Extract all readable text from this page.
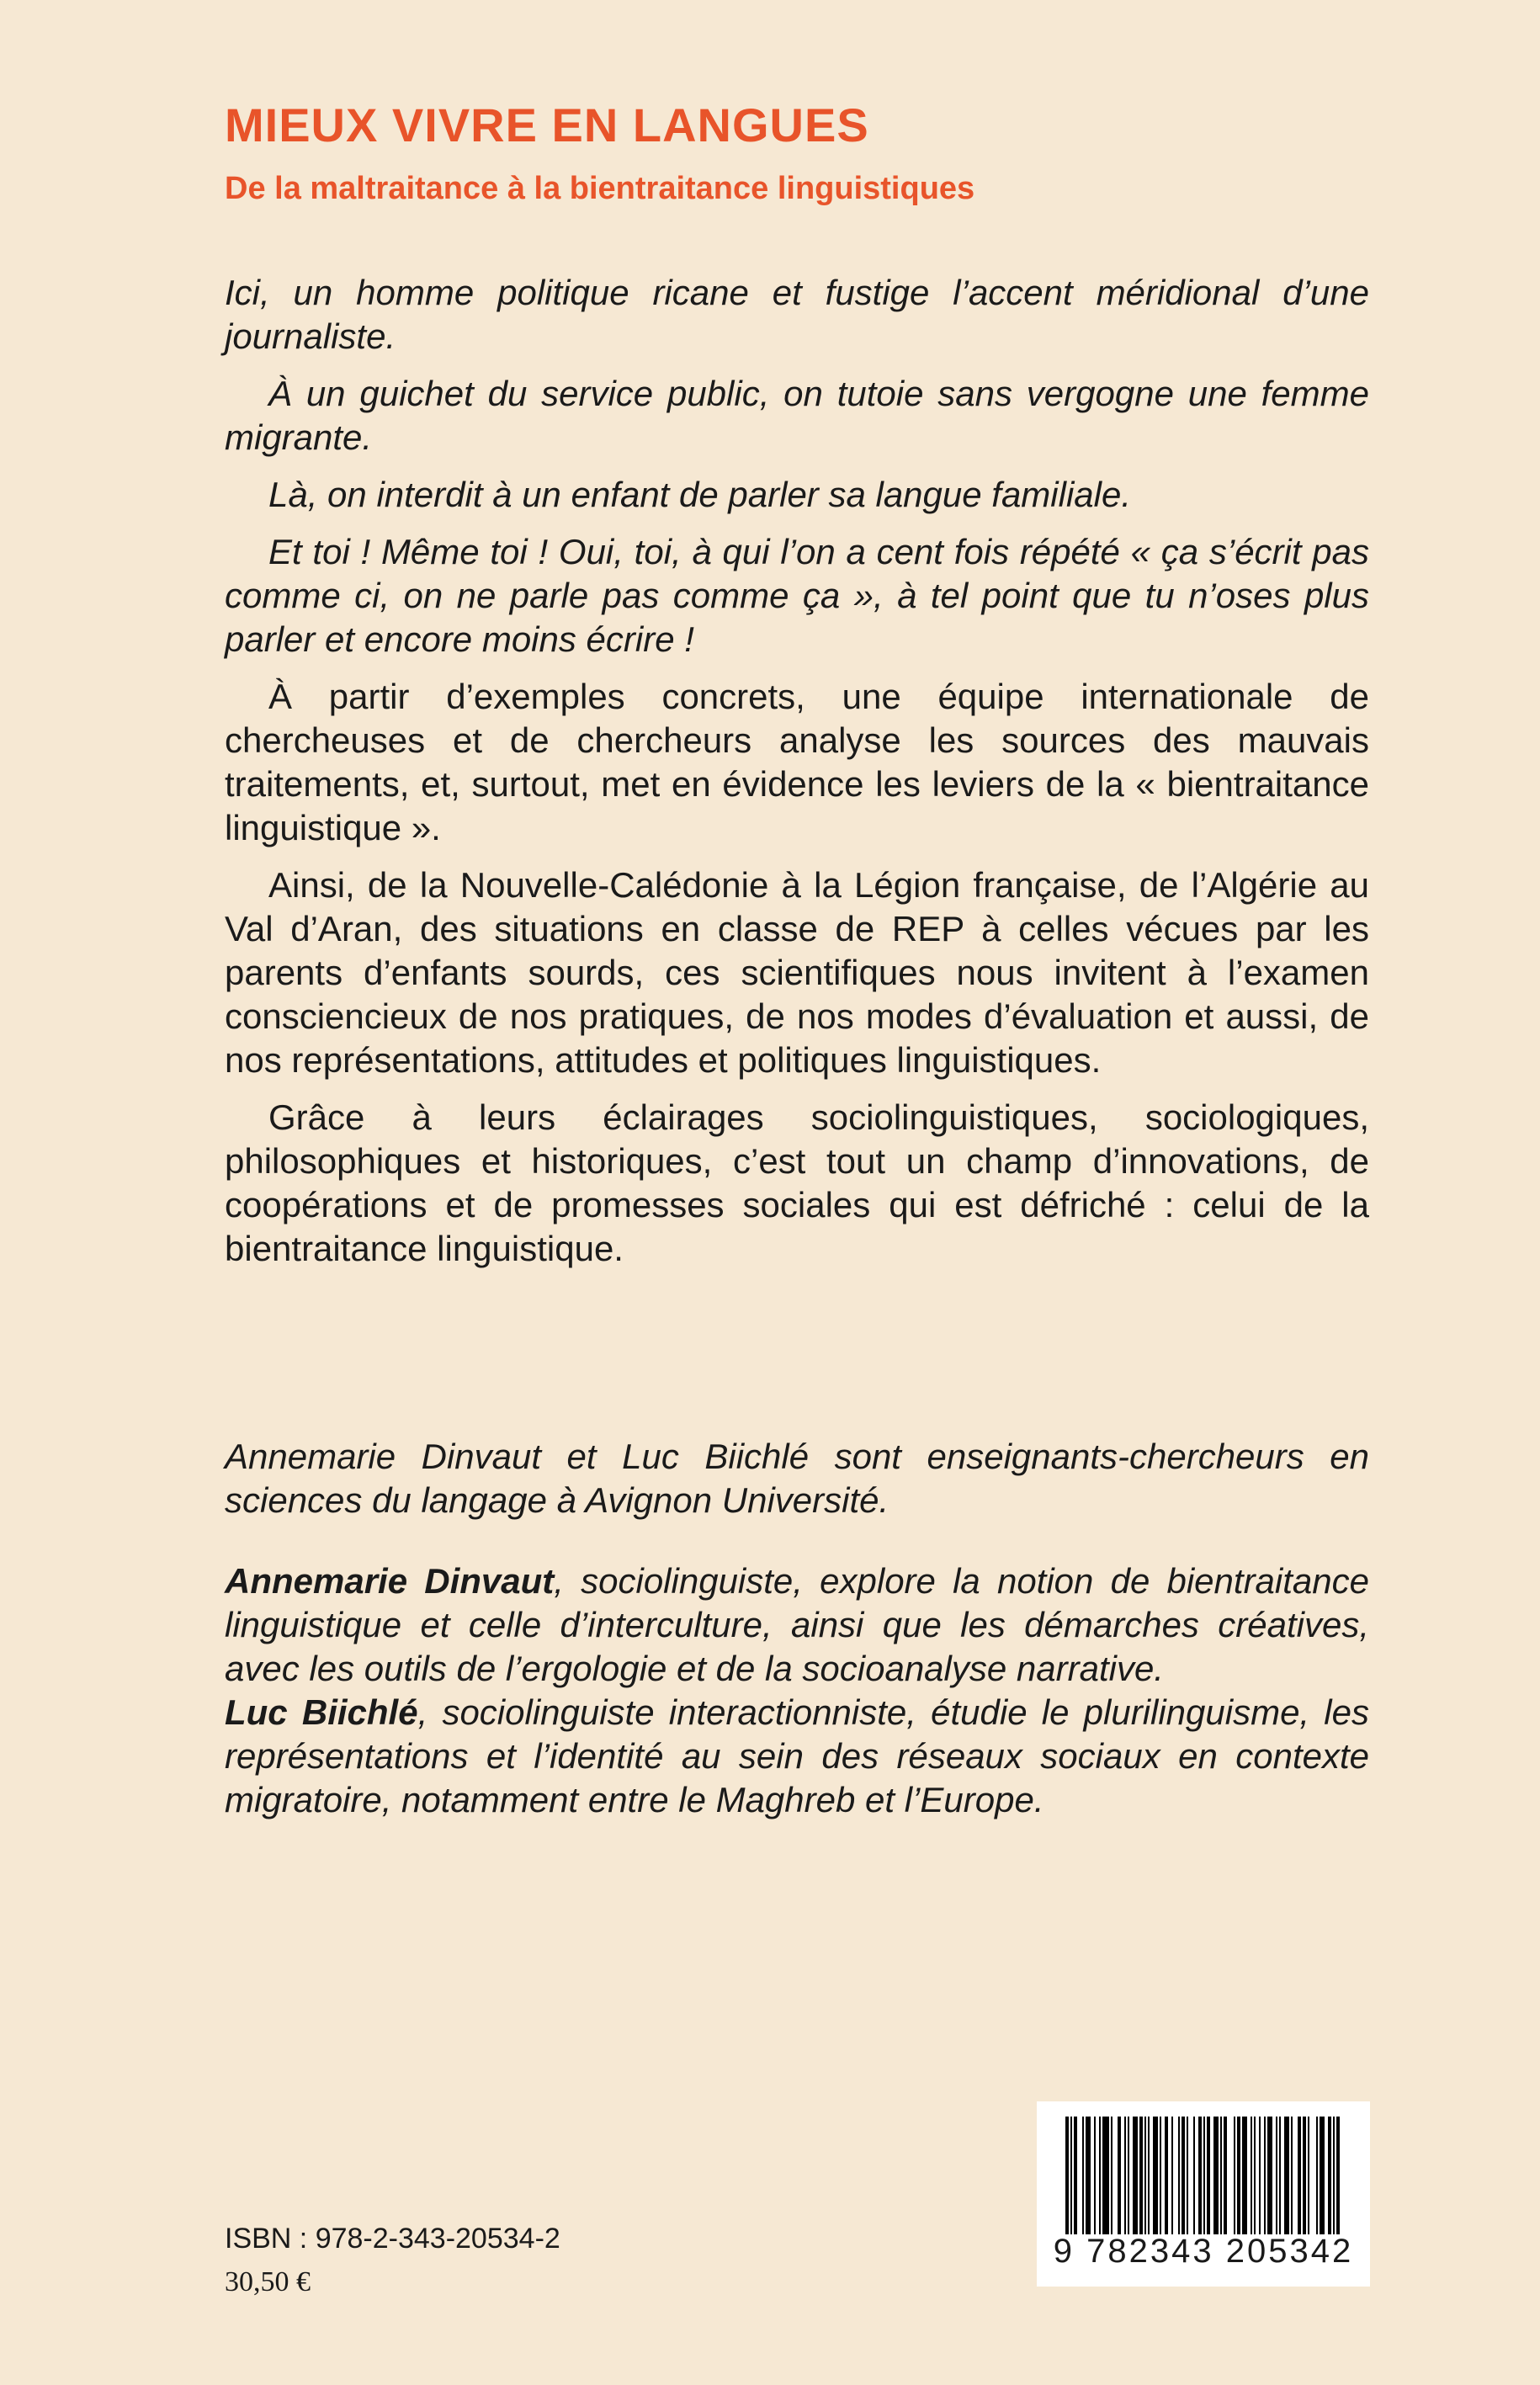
MIEUX VIVRE EN LANGUES
De la maltraitance à la bientraitance linguistiques

Ici, un homme politique ricane et fustige l’accent méridional d’une journaliste.

À un guichet du service public, on tutoie sans vergogne une femme migrante.

Là, on interdit à un enfant de parler sa langue familiale.

Et toi ! Même toi ! Oui, toi, à qui l’on a cent fois répété « ça s’écrit pas comme ci, on ne parle pas comme ça », à tel point que tu n’oses plus parler et encore moins écrire !

À partir d’exemples concrets, une équipe internationale de chercheuses et de chercheurs analyse les sources des mauvais traitements, et, surtout, met en évidence les leviers de la « bientraitance linguistique ».

Ainsi, de la Nouvelle-Calédonie à la Légion française, de l’Algérie au Val d’Aran, des situations en classe de REP à celles vécues par les parents d’enfants sourds, ces scientifiques nous invitent à l’examen consciencieux de nos pratiques, de nos modes d’évaluation et aussi, de nos représentations, attitudes et politiques linguistiques.

Grâce à leurs éclairages sociolinguistiques, sociologiques, philosophiques et historiques, c’est tout un champ d’innovations, de coopérations et de promesses sociales qui est défriché : celui de la bientraitance linguistique.

Annemarie Dinvaut et Luc Biichlé sont enseignants-chercheurs en sciences du langage à Avignon Université.

Annemarie Dinvaut, sociolinguiste, explore la notion de bientraitance linguistique et celle d’interculture, ainsi que les démarches créatives, avec les outils de l’ergologie et de la socioanalyse narrative.

Luc Biichlé, sociolinguiste interactionniste, étudie le plurilinguisme, les représentations et l’identité au sein des réseaux sociaux en contexte migratoire, notamment entre le Maghreb et l’Europe.

ISBN : 978-2-343-20534-2
30,50 €
9 782343 205342
